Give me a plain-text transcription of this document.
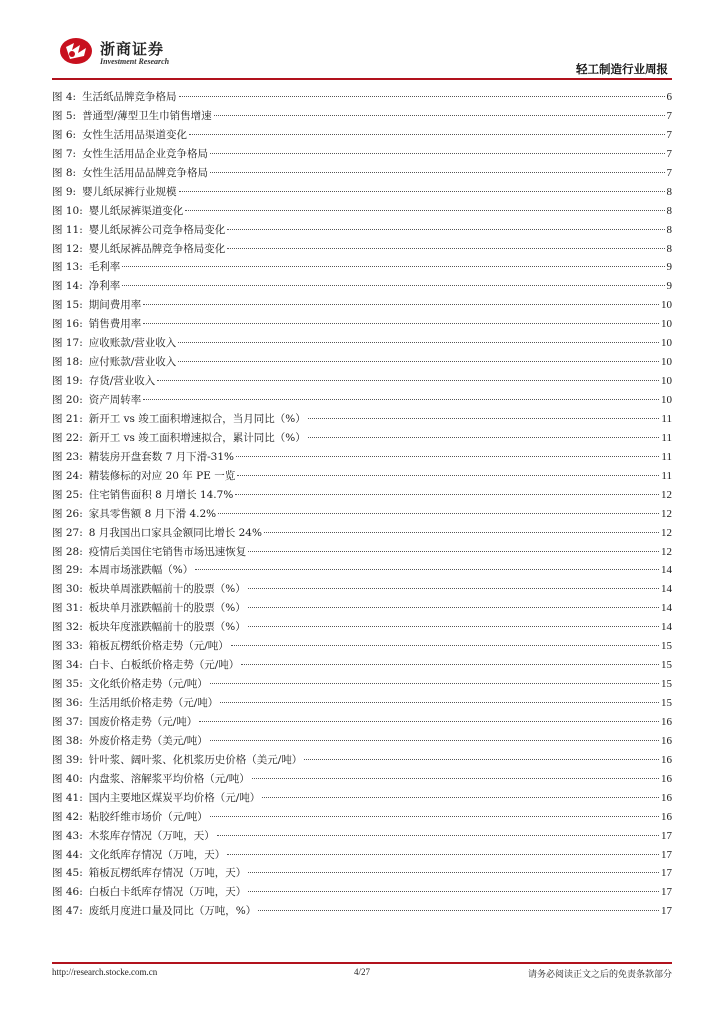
浙商证券
Investment Research
轻工制造行业周报
图 4: 生活纸品牌竞争格局	6
图 5: 普通型/薄型卫生巾销售增速	7
图 6: 女性生活用品渠道变化	7
图 7: 女性生活用品企业竞争格局	7
图 8: 女性生活用品品牌竞争格局	7
图 9: 婴儿纸尿裤行业规模	8
图 10: 婴儿纸尿裤渠道变化	8
图 11: 婴儿纸尿裤公司竞争格局变化	8
图 12: 婴儿纸尿裤品牌竞争格局变化	8
图 13: 毛利率	9
图 14: 净利率	9
图 15: 期间费用率	10
图 16: 销售费用率	10
图 17: 应收账款/营业收入	10
图 18: 应付账款/营业收入	10
图 19: 存货/营业收入	10
图 20: 资产周转率	10
图 21: 新开工 vs 竣工面积增速拟合，当月同比（%）	11
图 22: 新开工 vs 竣工面积增速拟合，累计同比（%）	11
图 23: 精装房开盘套数 7 月下滑-31%	11
图 24: 精装修标的对应 20 年 PE 一览	11
图 25: 住宅销售面积 8 月增长 14.7%	12
图 26: 家具零售额 8 月下滑 4.2%	12
图 27: 8 月我国出口家具金额同比增长 24%	12
图 28: 疫情后美国住宅销售市场迅速恢复	12
图 29: 本周市场涨跌幅（%）	14
图 30: 板块单周涨跌幅前十的股票（%）	14
图 31: 板块单月涨跌幅前十的股票（%）	14
图 32: 板块年度涨跌幅前十的股票（%）	14
图 33: 箱板瓦楞纸价格走势（元/吨）	15
图 34: 白卡、白板纸价格走势（元/吨）	15
图 35: 文化纸价格走势（元/吨）	15
图 36: 生活用纸价格走势（元/吨）	15
图 37: 国废价格走势（元/吨）	16
图 38: 外废价格走势（美元/吨）	16
图 39: 针叶浆、阔叶浆、化机浆历史价格（美元/吨）	16
图 40: 内盘浆、溶解浆平均价格（元/吨）	16
图 41: 国内主要地区煤炭平均价格（元/吨）	16
图 42: 粘胶纤维市场价（元/吨）	16
图 43: 木浆库存情况（万吨，天）	17
图 44: 文化纸库存情况（万吨，天）	17
图 45: 箱板瓦楞纸库存情况（万吨，天）	17
图 46: 白板白卡纸库存情况（万吨，天）	17
图 47: 废纸月度进口量及同比（万吨，%）	17
http://research.stocke.com.cn	4/27	请务必阅读正文之后的免责条款部分
